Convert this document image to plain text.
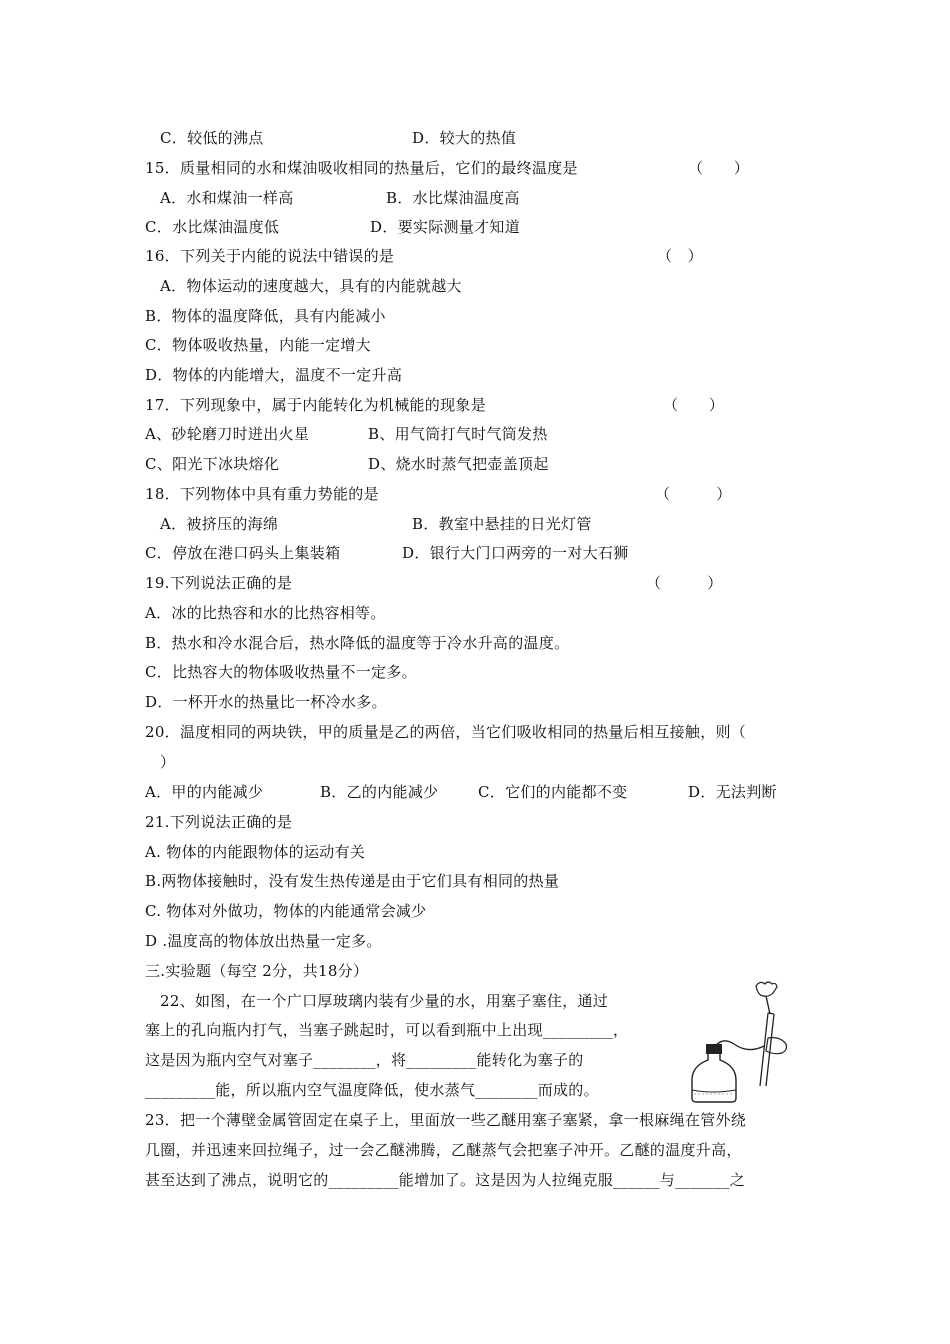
C．较低的沸点	D．较大的热值
15．质量相同的水和煤油吸收相同的热量后，它们的最终温度是	（　　）
A．水和煤油一样高	B．水比煤油温度高
C．水比煤油温度低	D．要实际测量才知道
16．下列关于内能的说法中错误的是	（　）
A．物体运动的速度越大，具有的内能就越大
B．物体的温度降低，具有内能减小
C．物体吸收热量，内能一定增大
D．物体的内能增大，温度不一定升高
17．下列现象中，属于内能转化为机械能的现象是	（　　）
A、砂轮磨刀时迸出火星	B、用气筒打气时气筒发热
C、阳光下冰块熔化	D、烧水时蒸气把壶盖顶起
18．下列物体中具有重力势能的是	（　　　）
A．被挤压的海绵	B．教室中悬挂的日光灯管
C．停放在港口码头上集装箱	D．银行大门口两旁的一对大石狮
19.下列说法正确的是	（　　　）
A．冰的比热容和水的比热容相等。
B．热水和冷水混合后，热水降低的温度等于冷水升高的温度。
C．比热容大的物体吸收热量不一定多。
D．一杯开水的热量比一杯冷水多。
20．温度相同的两块铁，甲的质量是乙的两倍，当它们吸收相同的热量后相互接触，则（
）
A．甲的内能减少	B．乙的内能减少	C．它们的内能都不变	D．无法判断
21.下列说法正确的是
A. 物体的内能跟物体的运动有关
B.两物体接触时，没有发生热传递是由于它们具有相同的热量
C. 物体对外做功，物体的内能通常会减少
D .温度高的物体放出热量一定多。
三.实验题（每空 2分，共18分）
22、如图，在一个广口厚玻璃内装有少量的水，用塞子塞住，通过
塞上的孔向瓶内打气，当塞子跳起时，可以看到瓶中上出现_________，
这是因为瓶内空气对塞子________，将_________能转化为塞子的
_________能，所以瓶内空气温度降低，使水蒸气________而成的。
23．把一个薄壁金属管固定在桌子上，里面放一些乙醚用塞子塞紧，拿一根麻绳在管外绕
几圈，并迅速来回拉绳子，过一会乙醚沸腾，乙醚蒸气会把塞子冲开。乙醚的温度升高，
甚至达到了沸点，说明它的_________能增加了。这是因为人拉绳克服______与_______之
